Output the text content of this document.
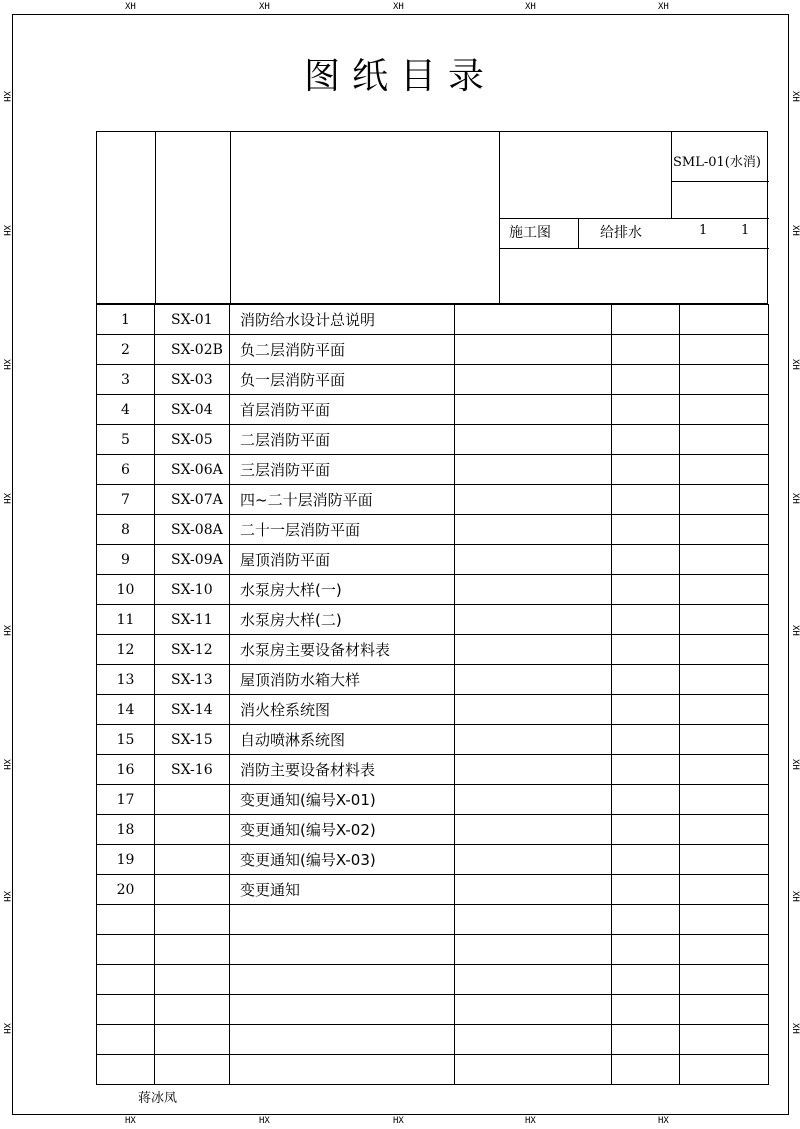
XH	XH	XH	XH	XH
HX	HX	HX	HX	HX
XH
XH
XH
XH
XH
XH
XH
XH
XH
XH
XH
XH
XH
XH
XH
XH
图纸目录
SML-01(水消)
施工图	给排水	1	1
1	SX-01	消防给水设计总说明			
2	SX-02B	负二层消防平面			
3	SX-03	负一层消防平面			
4	SX-04	首层消防平面			
5	SX-05	二层消防平面			
6	SX-06A	三层消防平面			
7	SX-07A	四~二十层消防平面			
8	SX-08A	二十一层消防平面			
9	SX-09A	屋顶消防平面			
10	SX-10	水泵房大样(一)			
11	SX-11	水泵房大样(二)			
12	SX-12	水泵房主要设备材料表			
13	SX-13	屋顶消防水箱大样			
14	SX-14	消火栓系统图			
15	SX-15	自动喷淋系统图			
16	SX-16	消防主要设备材料表			
17		变更通知(编号X-01)			
18		变更通知(编号X-02)			
19		变更通知(编号X-03)			
20		变更通知			

蒋冰凤
